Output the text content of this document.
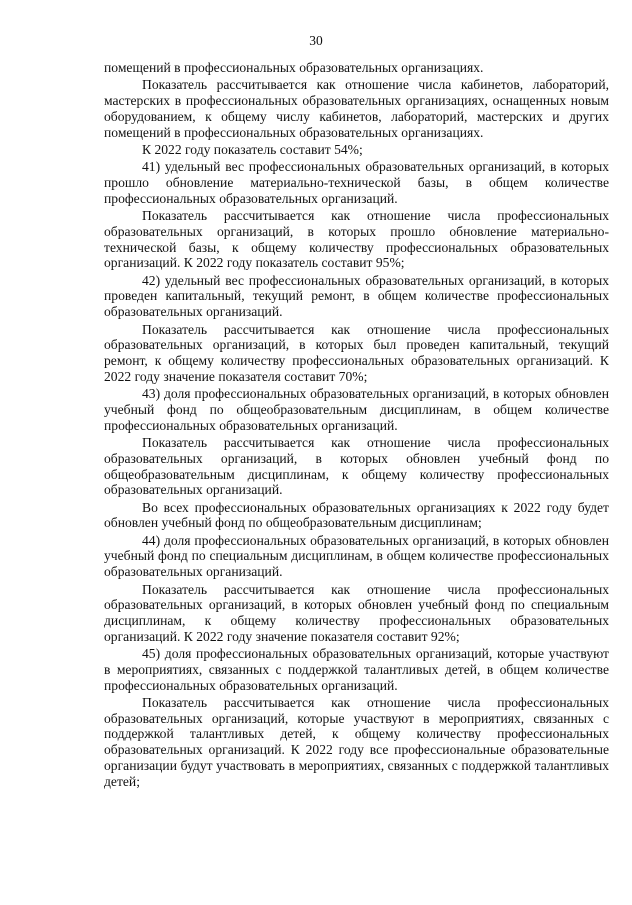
30

помещений в профессиональных образовательных организациях.

Показатель рассчитывается как отношение числа кабинетов, лабораторий, мастерских в профессиональных образовательных организациях, оснащенных новым оборудованием, к общему числу кабинетов, лабораторий, мастерских и других помещений в профессиональных образовательных организациях.

К 2022 году показатель составит 54%;

41) удельный вес профессиональных образовательных организаций, в которых прошло обновление материально-технической базы, в общем количестве профессиональных образовательных организаций.

Показатель рассчитывается как отношение числа профессиональных образовательных организаций, в которых прошло обновление материально-технической базы, к общему количеству профессиональных образовательных организаций. К 2022 году показатель составит 95%;

42) удельный вес профессиональных образовательных организаций, в которых проведен капитальный, текущий ремонт, в общем количестве профессиональных образовательных организаций.

Показатель рассчитывается как отношение числа профессиональных образовательных организаций, в которых был проведен капитальный, текущий ремонт, к общему количеству профессиональных образовательных организаций. К 2022 году значение показателя составит 70%;

43) доля профессиональных образовательных организаций, в которых обновлен учебный фонд по общеобразовательным дисциплинам, в общем количестве профессиональных образовательных организаций.

Показатель рассчитывается как отношение числа профессиональных образовательных организаций, в которых обновлен учебный фонд по общеобразовательным дисциплинам, к общему количеству профессиональных образовательных организаций.

Во всех профессиональных образовательных организациях к 2022 году будет обновлен учебный фонд по общеобразовательным дисциплинам;

44) доля профессиональных образовательных организаций, в которых обновлен учебный фонд по специальным дисциплинам, в общем количестве профессиональных образовательных организаций.

Показатель рассчитывается как отношение числа профессиональных образовательных организаций, в которых обновлен учебный фонд по специальным дисциплинам, к общему количеству профессиональных образовательных организаций. К 2022 году значение показателя составит 92%;

45) доля профессиональных образовательных организаций, которые участвуют в мероприятиях, связанных с поддержкой талантливых детей, в общем количестве профессиональных образовательных организаций.

Показатель рассчитывается как отношение числа профессиональных образовательных организаций, которые участвуют в мероприятиях, связанных с поддержкой талантливых детей, к общему количеству профессиональных образовательных организаций. К 2022 году все профессиональные образовательные организации будут участвовать в мероприятиях, связанных с поддержкой талантливых детей;
